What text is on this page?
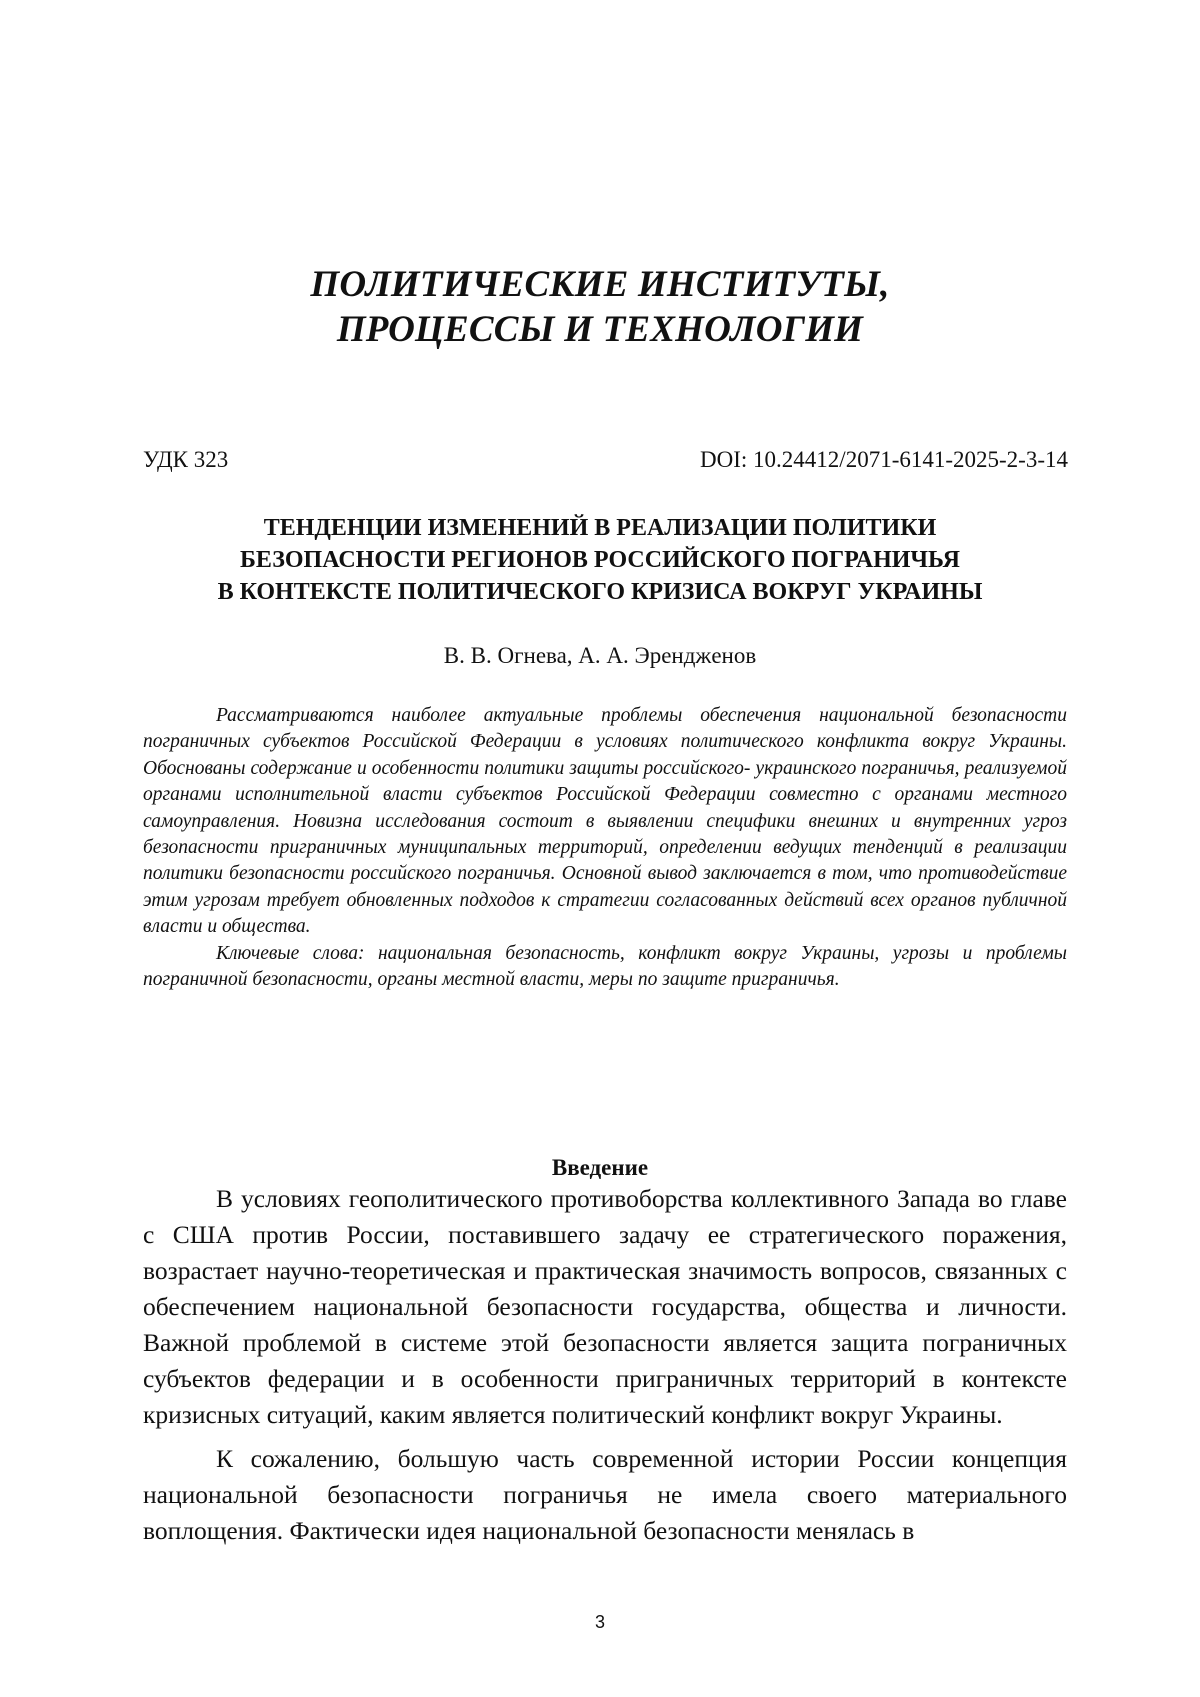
ПОЛИТИЧЕСКИЕ ИНСТИТУТЫ,
ПРОЦЕССЫ И ТЕХНОЛОГИИ
УДК 323	DOI: 10.24412/2071-6141-2025-2-3-14
ТЕНДЕНЦИИ ИЗМЕНЕНИЙ В РЕАЛИЗАЦИИ ПОЛИТИКИ
БЕЗОПАСНОСТИ РЕГИОНОВ РОССИЙСКОГО ПОГРАНИЧЬЯ
В КОНТЕКСТЕ ПОЛИТИЧЕСКОГО КРИЗИСА ВОКРУГ УКРАИНЫ
В. В. Огнева, А. А. Эренджeнов

Рассматриваются наиболее актуальные проблемы обеспечения национальной безопасности пограничных субъектов Российской Федерации в условиях политического конфликта вокруг Украины. Обоснованы содержание и особенности политики защиты российского- украинского пограничья, реализуемой органами исполнительной власти субъектов Российской Федерации совместно с органами местного самоуправления. Новизна исследования состоит в выявлении специфики внешних и внутренних угроз безопасности приграничных муниципальных территорий, определении ведущих тенденций в реализации политики безопасности российского пограничья. Основной вывод заключается в том, что противодействие этим угрозам требует обновленных подходов к стратегии согласованных действий всех органов публичной власти и общества.

Ключевые слова: национальная безопасность, конфликт вокруг Украины, угрозы и проблемы пограничной безопасности, органы местной власти, меры по защите приграничья.

Введение

В условиях геополитического противоборства коллективного Запада во главе с США против России, поставившего задачу ее стратегического поражения, возрастает научно-теоретическая и практическая значимость вопросов, связанных с обеспечением национальной безопасности государства, общества и личности. Важной проблемой в системе этой безопасности является защита пограничных субъектов федерации и в особенности приграничных территорий в контексте кризисных ситуаций, каким является политический конфликт вокруг Украины.

К сожалению, большую часть современной истории России концепция национальной безопасности пограничья не имела своего материального воплощения. Фактически идея национальной безопасности менялась в

3
